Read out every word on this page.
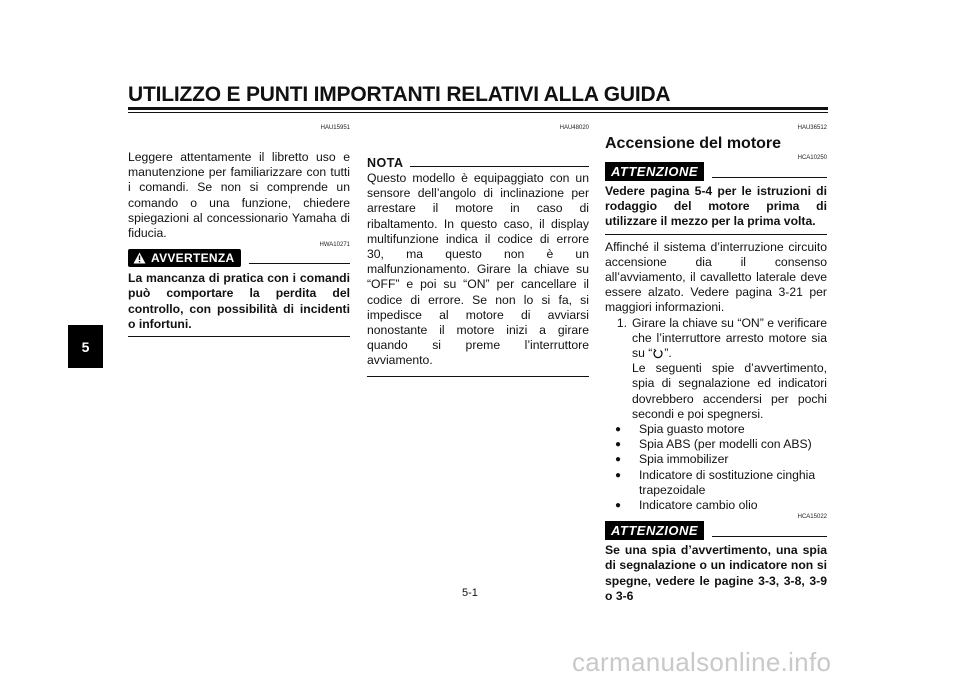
UTILIZZO E PUNTI IMPORTANTI RELATIVI ALLA GUIDA
5
HAU15951

Leggere attentamente il libretto uso e manutenzione per familiarizzare con tutti i comandi. Se non si comprende un comando o una funzione, chiedere spiegazioni al concessionario Yamaha di fiducia.

HWA10271
AVVERTENZA

La mancanza di pratica con i comandi può comportare la perdita del controllo, con possibilità di incidenti o infortuni.

HAU48020
NOTA

Questo modello è equipaggiato con un sensore dell’angolo di inclinazione per arrestare il motore in caso di ribaltamento. In questo caso, il display multifunzione indica il codice di errore 30, ma questo non è un malfunzionamento. Girare la chiave su “OFF” e poi su “ON” per cancellare il codice di errore. Se non lo si fa, si impedisce al motore di avviarsi nonostante il motore inizi a girare quando si preme l’interruttore avviamento.

HAU36512
Accensione del motore
HCA10250
ATTENZIONE

Vedere pagina 5-4 per le istruzioni di rodaggio del motore prima di utilizzare il mezzo per la prima volta.

Affinché il sistema d’interruzione circuito accensione dia il consenso all’avviamento, il cavalletto laterale deve essere alzato. Vedere pagina 3-21 per maggiori informazioni.

1. Girare la chiave su “ON” e verificare che l’interruttore arresto motore sia su “ ”.
Le seguenti spie d’avvertimento, spia di segnalazione ed indicatori dovrebbero accendersi per pochi secondi e poi spegnersi.
●	Spia guasto motore
●	Spia ABS (per modelli con ABS)
●	Spia immobilizer
●	Indicatore di sostituzione cinghia trapezoidale
●	Indicatore cambio olio
HCA15022
ATTENZIONE

Se una spia d’avvertimento, una spia di segnalazione o un indicatore non si spegne, vedere le pagine 3-3, 3-8, 3-9 o 3-6

5-1
carmanualsonline.info
